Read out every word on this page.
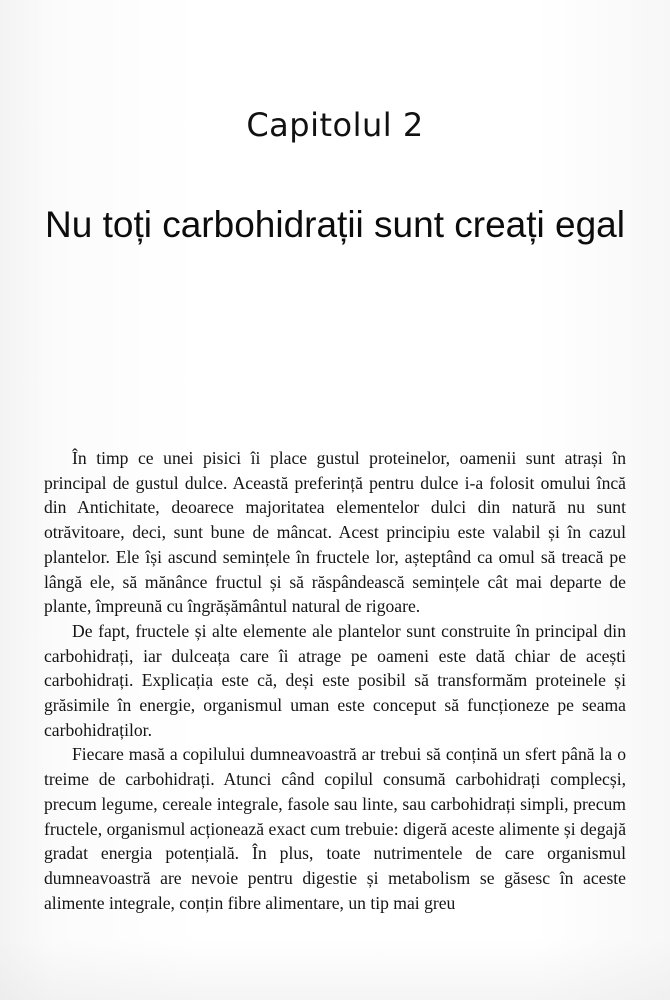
Capitolul 2
Nu toți carbohidrații sunt creați egal

În timp ce unei pisici îi place gustul proteinelor, oamenii sunt atrași în principal de gustul dulce. Această preferință pentru dulce i-a folosit omului încă din Antichitate, deoarece majoritatea elementelor dulci din natură nu sunt otrăvitoare, deci, sunt bune de mâncat. Acest principiu este valabil și în cazul plantelor. Ele își ascund semințele în fructele lor, așteptând ca omul să treacă pe lângă ele, să mănânce fructul și să răspândească semințele cât mai departe de plante, împreună cu îngrășământul natural de rigoare.

De fapt, fructele și alte elemente ale plantelor sunt construite în principal din carbohidrați, iar dulceața care îi atrage pe oameni este dată chiar de acești carbohidrați. Explicația este că, deși este posibil să transformăm proteinele și grăsimile în energie, organismul uman este conceput să funcționeze pe seama carbohidraților.

Fiecare masă a copilului dumneavoastră ar trebui să conțină un sfert până la o treime de carbohidrați. Atunci când copilul consumă carbohidrați complecși, precum legume, cereale integrale, fasole sau linte, sau carbohidrați simpli, precum fructele, organismul acționează exact cum trebuie: digeră aceste alimente și degajă gradat energia potențială. În plus, toate nutrimentele de care organismul dumneavoastră are nevoie pentru digestie și metabolism se găsesc în aceste alimente integrale, conțin fibre alimentare, un tip mai greu
